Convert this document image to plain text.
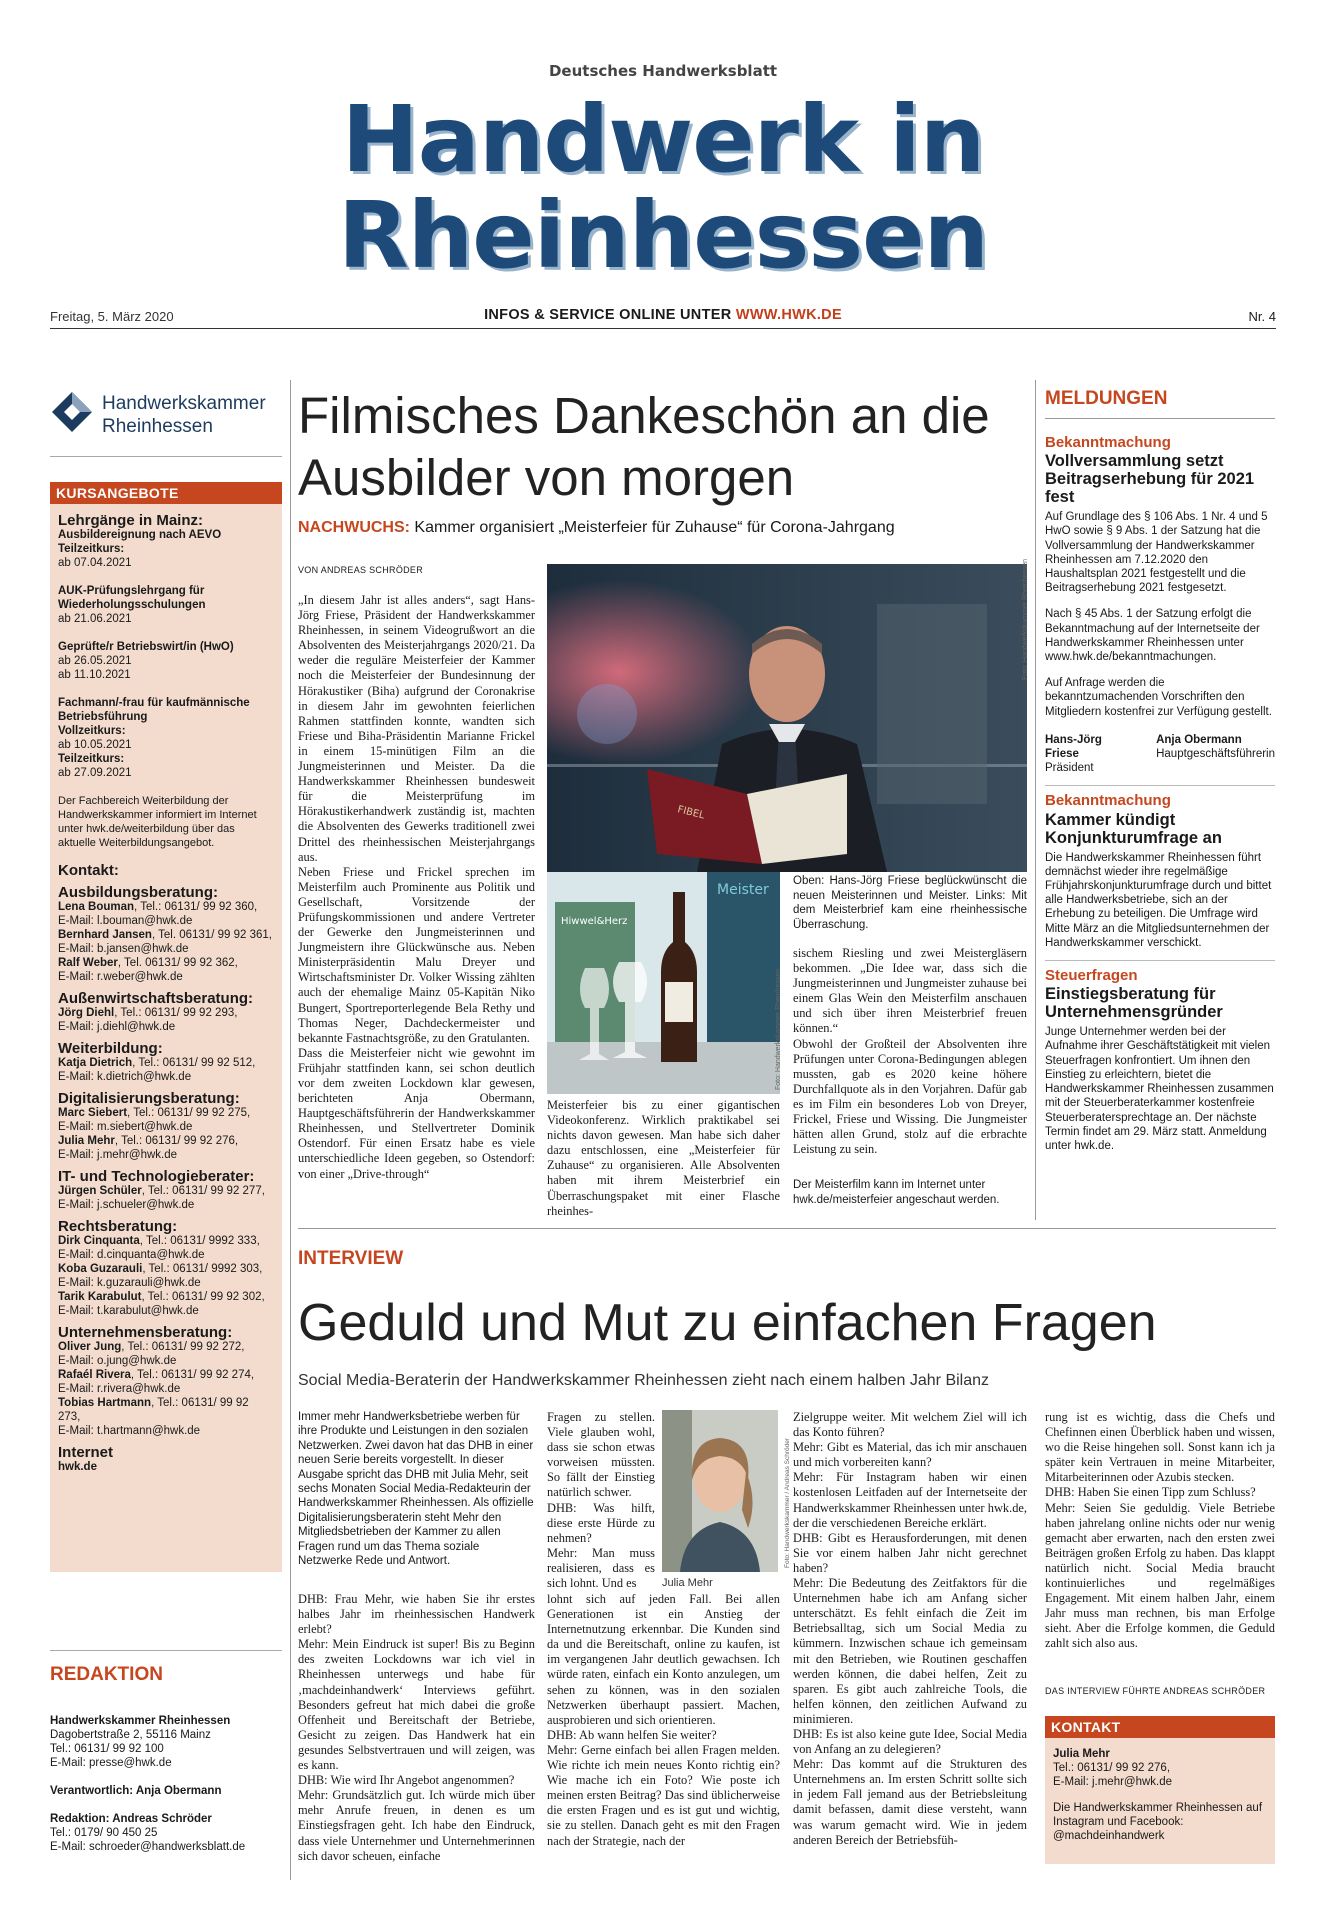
Deutsches Handwerksblatt
Handwerk in
Rheinhessen
Freitag, 5. März 2020	INFOS & SERVICE ONLINE UNTER WWW.HWK.DE	Nr. 4
Handwerkskammer
Rheinhessen
KURSANGEBOTE
Lehrgänge in Mainz:
Ausbildereignung nach AEVO
Teilzeitkurs:
ab 07.04.2021
AUK-Prüfungslehrgang für Wiederholungsschulungen
ab 21.06.2021
Geprüfte/r Betriebswirt/in (HwO)
ab 26.05.2021
ab 11.10.2021
Fachmann/-frau für kaufmännische Betriebsführung
Vollzeitkurs:
ab 10.05.2021
Teilzeitkurs:
ab 27.09.2021
Der Fachbereich Weiterbildung der Handwerkskammer informiert im Internet unter hwk.de/weiterbildung über das aktuelle Weiterbildungsangebot.
Kontakt:
Ausbildungsberatung:
Lena Bouman, Tel.: 06131/ 99 92 360,
E-Mail: l.bouman@hwk.de
Bernhard Jansen, Tel. 06131/ 99 92 361,
E-Mail: b.jansen@hwk.de
Ralf Weber, Tel. 06131/ 99 92 362,
E-Mail: r.weber@hwk.de
Außenwirtschaftsberatung:
Jörg Diehl, Tel.: 06131/ 99 92 293,
E-Mail: j.diehl@hwk.de
Weiterbildung:
Katja Dietrich, Tel.: 06131/ 99 92 512,
E-Mail: k.dietrich@hwk.de
Digitalisierungsberatung:
Marc Siebert, Tel.: 06131/ 99 92 275,
E-Mail: m.siebert@hwk.de
Julia Mehr, Tel.: 06131/ 99 92 276,
E-Mail: j.mehr@hwk.de
IT- und Technologieberater:
Jürgen Schüler, Tel.: 06131/ 99 92 277,
E-Mail: j.schueler@hwk.de
Rechtsberatung:
Dirk Cinquanta, Tel.: 06131/ 9992 333,
E-Mail: d.cinquanta@hwk.de
Koba Guzarauli, Tel.: 06131/ 9992 303,
E-Mail: k.guzarauli@hwk.de
Tarik Karabulut, Tel.: 06131/ 99 92 302,
E-Mail: t.karabulut@hwk.de
Unternehmensberatung:
Oliver Jung, Tel.: 06131/ 99 92 272,
E-Mail: o.jung@hwk.de
Rafaél Rivera, Tel.: 06131/ 99 92 274,
E-Mail: r.rivera@hwk.de
Tobias Hartmann, Tel.: 06131/ 99 92 273,
E-Mail: t.hartmann@hwk.de
Internet
hwk.de
REDAKTION
Handwerkskammer Rheinhessen
Dagobertstraße 2, 55116 Mainz
Tel.: 06131/ 99 92 100
E-Mail: presse@hwk.de
Verantwortlich: Anja Obermann
Redaktion: Andreas Schröder
Tel.: 0179/ 90 450 25
E-Mail: schroeder@handwerksblatt.de
Filmisches Dankeschön an die Ausbilder von morgen
NACHWUCHS: Kammer organisiert „Meisterfeier für Zuhause“ für Corona-Jahrgang
VON ANDREAS SCHRÖDER
„In diesem Jahr ist alles anders“, sagt Hans-Jörg Friese, Präsident der Handwerkskammer Rheinhessen, in seinem Videogrußwort an die Absolventen des Meisterjahrgangs 2020/21. Da weder die reguläre Meisterfeier der Kammer noch die Meisterfeier der Bundesinnung der Hörakustiker (Biha) aufgrund der Coronakrise in diesem Jahr im gewohnten feierlichen Rahmen stattfinden konnte, wandten sich Friese und Biha-Präsidentin Marianne Frickel in einem 15-minütigen Film an die Jungmeisterinnen und Meister. Da die Handwerkskammer Rheinhessen bundesweit für die Meisterprüfung im Hörakustikerhandwerk zuständig ist, machten die Absolventen des Gewerks traditionell zwei Drittel des rheinhessischen Meisterjahrgangs aus.
Neben Friese und Frickel sprechen im Meisterfilm auch Prominente aus Politik und Gesellschaft, Vorsitzende der Prüfungskommissionen und andere Vertreter der Gewerke den Jungmeisterinnen und Jungmeistern ihre Glückwünsche aus. Neben Ministerpräsidentin Malu Dreyer und Wirtschaftsminister Dr. Volker Wissing zählten auch der ehemalige Mainz 05-Kapitän Niko Bungert, Sportreporterlegende Bela Rethy und Thomas Neger, Dachdeckermeister und bekannte Fastnachtsgröße, zu den Gratulanten.
Dass die Meisterfeier nicht wie gewohnt im Frühjahr stattfinden kann, sei schon deutlich vor dem zweiten Lockdown klar gewesen, berichteten Anja Obermann, Hauptgeschäftsführerin der Handwerkskammer Rheinhessen, und Stellvertreter Dominik Ostendorf. Für einen Ersatz habe es viele unterschiedliche Ideen gegeben, so Ostendorf: von einer „Drive-through“
FIBEL
Foto: Handwerkskammer Rheinhessen
Meister
Hiwwel&Herz
Foto: Handwerkskammer Rheinhessen
Oben: Hans-Jörg Friese beglückwünscht die neuen Meisterinnen und Meister. Links: Mit dem Meisterbrief kam eine rheinhessische Überraschung.
Meisterfeier bis zu einer gigantischen Videokonferenz. Wirklich praktikabel sei nichts davon gewesen. Man habe sich daher dazu entschlossen, eine „Meisterfeier für Zuhause“ zu organisieren. Alle Absolventen haben mit ihrem Meisterbrief ein Überraschungspaket mit einer Flasche rheinhes-
sischem Riesling und zwei Meistergläsern bekommen. „Die Idee war, dass sich die Jungmeisterinnen und Jungmeister zuhause bei einem Glas Wein den Meisterfilm anschauen und sich über ihren Meisterbrief freuen können.“
Obwohl der Großteil der Absolventen ihre Prüfungen unter Corona-Bedingungen ablegen mussten, gab es 2020 keine höhere Durchfallquote als in den Vorjahren. Dafür gab es im Film ein besonderes Lob von Dreyer, Frickel, Friese und Wissing. Die Jungmeister hätten allen Grund, stolz auf die erbrachte Leistung zu sein.
Der Meisterfilm kann im Internet unter hwk.de/meisterfeier angeschaut werden.
MELDUNGEN
Bekanntmachung
Vollversammlung setzt Beitragserhebung für 2021 fest
Auf Grundlage des § 106 Abs. 1 Nr. 4 und 5 HwO sowie § 9 Abs. 1 der Satzung hat die Vollversammlung der Handwerkskammer Rheinhessen am 7.12.2020 den Haushaltsplan 2021 festgestellt und die Beitragserhebung 2021 festgesetzt.
Nach § 45 Abs. 1 der Satzung erfolgt die Bekanntmachung auf der Internetseite der Handwerkskammer Rheinhessen unter www.hwk.de/bekanntmachungen.
Auf Anfrage werden die bekanntzumachenden Vorschriften den Mitgliedern kostenfrei zur Verfügung gestellt.
Hans-Jörg Friese
Präsident
Anja Obermann
Hauptgeschäftsführerin
Bekanntmachung
Kammer kündigt Konjunkturumfrage an
Die Handwerkskammer Rheinhessen führt demnächst wieder ihre regelmäßige Frühjahrskonjunkturumfrage durch und bittet alle Handwerksbetriebe, sich an der Erhebung zu beteiligen. Die Umfrage wird Mitte März an die Mitgliedsunternehmen der Handwerkskammer verschickt.
Steuerfragen
Einstiegsberatung für Unternehmensgründer
Junge Unternehmer werden bei der Aufnahme ihrer Geschäftstätigkeit mit vielen Steuerfragen konfrontiert. Um ihnen den Einstieg zu erleichtern, bietet die Handwerkskammer Rheinhessen zusammen mit der Steuerberaterkammer kostenfreie Steuerberatersprechtage an. Der nächste Termin findet am 29. März statt. Anmeldung unter hwk.de.
INTERVIEW
Geduld und Mut zu einfachen Fragen
Social Media-Beraterin der Handwerkskammer Rheinhessen zieht nach einem halben Jahr Bilanz
Immer mehr Handwerksbetriebe werben für ihre Produkte und Leistungen in den sozialen Netzwerken. Zwei davon hat das DHB in einer neuen Serie bereits vorgestellt. In dieser Ausgabe spricht das DHB mit Julia Mehr, seit sechs Monaten Social Media-Redakteurin der Handwerkskammer Rheinhessen. Als offizielle Digitalisierungsberaterin steht Mehr den Mitgliedsbetrieben der Kammer zu allen Fragen rund um das Thema soziale Netzwerke Rede und Antwort.
DHB: Frau Mehr, wie haben Sie ihr erstes halbes Jahr im rheinhessischen Handwerk erlebt?
Mehr: Mein Eindruck ist super! Bis zu Beginn des zweiten Lockdowns war ich viel in Rheinhessen unterwegs und habe für ‚machdeinhandwerk‘ Interviews geführt. Besonders gefreut hat mich dabei die große Offenheit und Bereitschaft der Betriebe, Gesicht zu zeigen. Das Handwerk hat ein gesundes Selbstvertrauen und will zeigen, was es kann.
DHB: Wie wird Ihr Angebot angenommen?
Mehr: Grundsätzlich gut. Ich würde mich über mehr Anrufe freuen, in denen es um Einstiegsfragen geht. Ich habe den Eindruck, dass viele Unternehmer und Unternehmerinnen sich davor scheuen, einfache
Fragen zu stellen. Viele glauben wohl, dass sie schon etwas vorweisen müssten. So fällt der Einstieg natürlich schwer.
DHB: Was hilft, diese erste Hürde zu nehmen?
Mehr: Man muss realisieren, dass es sich lohnt. Und es	Julia Mehr
Foto: Handwerkskammer / Andreas Schröder
lohnt sich auf jeden Fall. Bei allen Generationen ist ein Anstieg der Internetnutzung erkennbar. Die Kunden sind da und die Bereitschaft, online zu kaufen, ist im vergangenen Jahr deutlich gewachsen. Ich würde raten, einfach ein Konto anzulegen, um sehen zu können, was in den sozialen Netzwerken überhaupt passiert. Machen, ausprobieren und sich orientieren.
DHB: Ab wann helfen Sie weiter?
Mehr: Gerne einfach bei allen Fragen melden. Wie richte ich mein neues Konto richtig ein? Wie mache ich ein Foto? Wie poste ich meinen ersten Beitrag? Das sind üblicherweise die ersten Fragen und es ist gut und wichtig, sie zu stellen. Danach geht es mit den Fragen nach der Strategie, nach der
Zielgruppe weiter. Mit welchem Ziel will ich das Konto führen?
Mehr: Gibt es Material, das ich mir anschauen und mich vorbereiten kann?
Mehr: Für Instagram haben wir einen kostenlosen Leitfaden auf der Internetseite der Handwerkskammer Rheinhessen unter hwk.de, der die verschiedenen Bereiche erklärt.
DHB: Gibt es Herausforderungen, mit denen Sie vor einem halben Jahr nicht gerechnet haben?
Mehr: Die Bedeutung des Zeitfaktors für die Unternehmen habe ich am Anfang sicher unterschätzt. Es fehlt einfach die Zeit im Betriebsalltag, sich um Social Media zu kümmern. Inzwischen schaue ich gemeinsam mit den Betrieben, wie Routinen geschaffen werden können, die dabei helfen, Zeit zu sparen. Es gibt auch zahlreiche Tools, die helfen können, den zeitlichen Aufwand zu minimieren.
DHB: Es ist also keine gute Idee, Social Media von Anfang an zu delegieren?
Mehr: Das kommt auf die Strukturen des Unternehmens an. Im ersten Schritt sollte sich in jedem Fall jemand aus der Betriebsleitung damit befassen, damit diese versteht, wann was warum gemacht wird. Wie in jedem anderen Bereich der Betriebsfüh-
rung ist es wichtig, dass die Chefs und Chefinnen einen Überblick haben und wissen, wo die Reise hingehen soll. Sonst kann ich ja später kein Vertrauen in meine Mitarbeiter, Mitarbeiterinnen oder Azubis stecken.
DHB: Haben Sie einen Tipp zum Schluss?
Mehr: Seien Sie geduldig. Viele Betriebe haben jahrelang online nichts oder nur wenig gemacht aber erwarten, nach den ersten zwei Beiträgen großen Erfolg zu haben. Das klappt natürlich nicht. Social Media braucht kontinuierliches und regelmäßiges Engagement. Mit einem halben Jahr, einem Jahr muss man rechnen, bis man Erfolge sieht. Aber die Erfolge kommen, die Geduld zahlt sich also aus.
DAS INTERVIEW FÜHRTE ANDREAS SCHRÖDER
KONTAKT
Julia Mehr
Tel.: 06131/ 99 92 276,
E-Mail: j.mehr@hwk.de
Die Handwerkskammer Rheinhessen auf Instagram und Facebook:
@machdeinhandwerk
